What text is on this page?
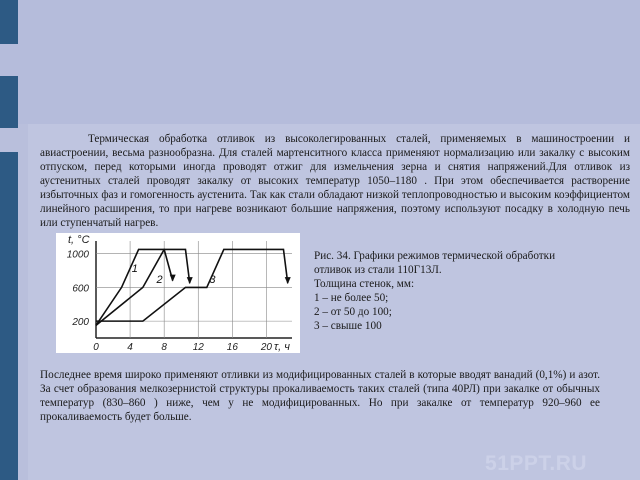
Термическая обработка отливок из высоколегированных сталей, применяемых в машиностроении и авиастроении, весьма разнообразна. Для сталей мартенситного класса применяют нормализацию или закалку с высоким отпуском, перед которыми иногда проводят отжиг для измельчения зерна и снятия напряжений.Для отливок из аустенитных сталей проводят закалку от высоких температур 1050–1180 . При этом обеспечивается растворение избыточных фаз и гомогенность аустенита. Так как стали обладают низкой теплопроводностью и высоким коэффициентом линейного расширения, то при нагреве возникают большие напряжения, поэтому используют посадку в холодную печь или ступенчатый нагрев.

t, °C
τ, ч
200
600
1000
0	4	8	12 16 20
1
2	3
Рис. 34. Графики режимов термической обработки
отливок из стали 110Г13Л.
Толщина стенок, мм:
1 – не более 50;
2 – от 50 до 100;
3 – свыше 100

Последнее время широко применяют отливки из модифицированных сталей в которые вводят ванадий (0,1%) и азот. За счет образования мелкозернистой структуры прокаливаемость таких сталей (типа 40РЛ) при закалке от обычных температур (830–860 ) ниже, чем у не модифицированных. Но при закалке от температур 920–960 ее прокаливаемость будет больше.

51PPT.RU
